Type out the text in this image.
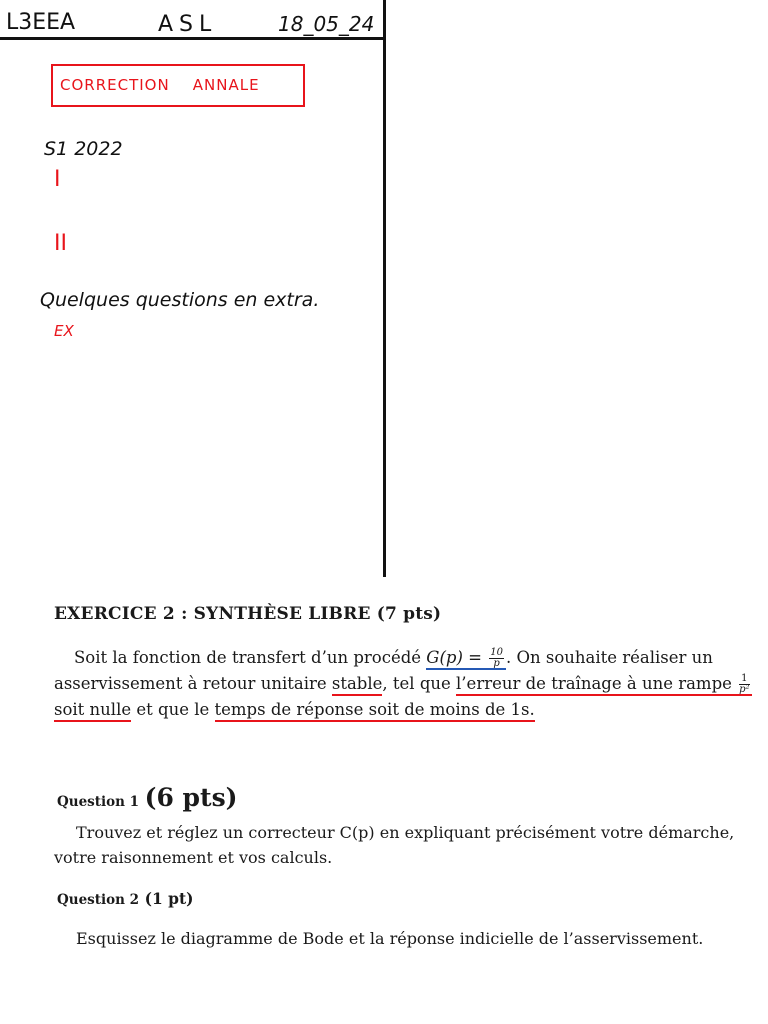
L3EEA	ASL	18_05_24
CORRECTION    ANNALE
S1 2022
I
II
Quelques questions en extra.
EX
EXERCICE 2 : SYNTHÈSE LIBRE (7 pts)
Soit la fonction de transfert d’un procédé $G(p) = \frac{10}{p}$ . On souhaite réaliser un
asservissement à retour unitaire stable, tel que l’erreur de traînage à une rampe $\frac{1}{\text{p²}}$
soit nulle et que le temps de réponse soit de moins de 1s.
Question 1 (6 pts)
Trouvez et réglez un correcteur C(p) en expliquant précisément votre démarche,
votre raisonnement et vos calculs.
Question 2 (1 pt)
Esquissez le diagramme de Bode et la réponse indicielle de l’asservissement.
